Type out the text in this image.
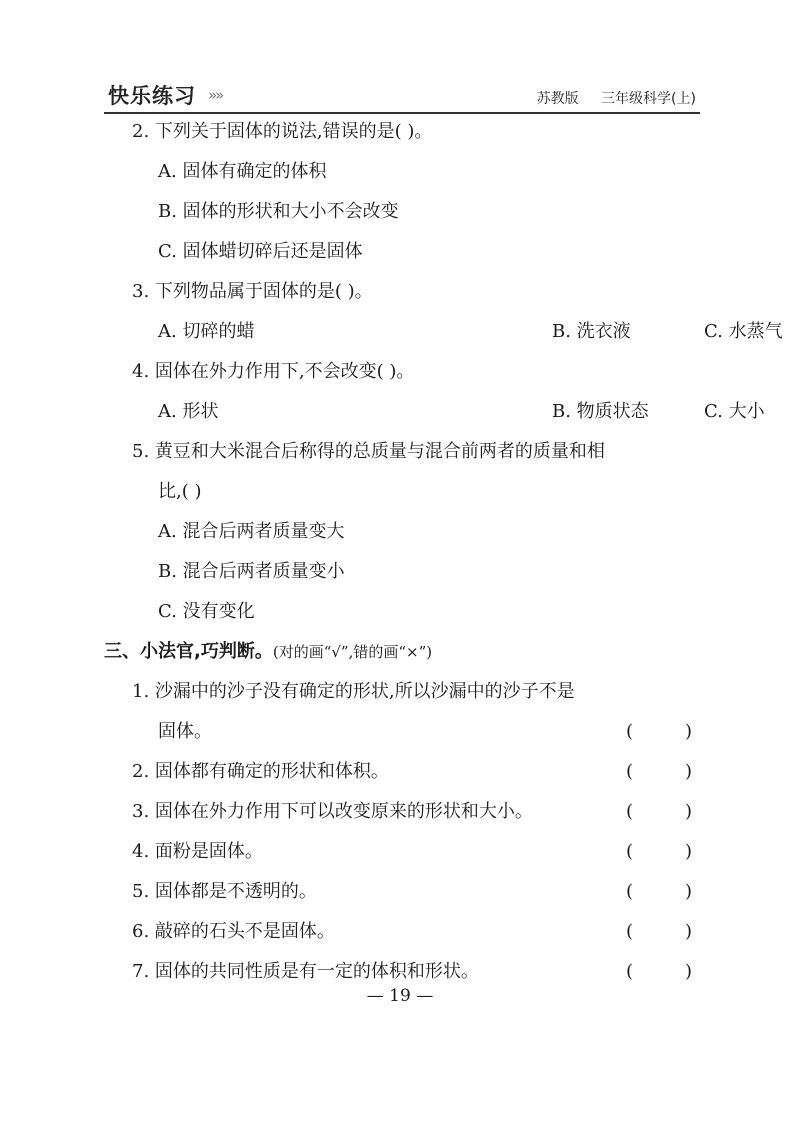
快乐练习 »»	苏教版 三年级科学(上)
2. 下列关于固体的说法,错误的是( )。
A. 固体有确定的体积
B. 固体的形状和大小不会改变
C. 固体蜡切碎后还是固体
3. 下列物品属于固体的是( )。
A. 切碎的蜡	B. 洗衣液	C. 水蒸气
4. 固体在外力作用下,不会改变( )。
A. 形状	B. 物质状态	C. 大小
5. 黄豆和大米混合后称得的总质量与混合前两者的质量和相
比,( )
A. 混合后两者质量变大
B. 混合后两者质量变小
C. 没有变化
三、小法官,巧判断。(对的画“√”,错的画“×”)
1. 沙漏中的沙子没有确定的形状,所以沙漏中的沙子不是
固体。	(	)
2. 固体都有确定的形状和体积。	(	)
3. 固体在外力作用下可以改变原来的形状和大小。	(	)
4. 面粉是固体。	(	)
5. 固体都是不透明的。	(	)
6. 敲碎的石头不是固体。	(	)
7. 固体的共同性质是有一定的体积和形状。	(	)
— 19 —
